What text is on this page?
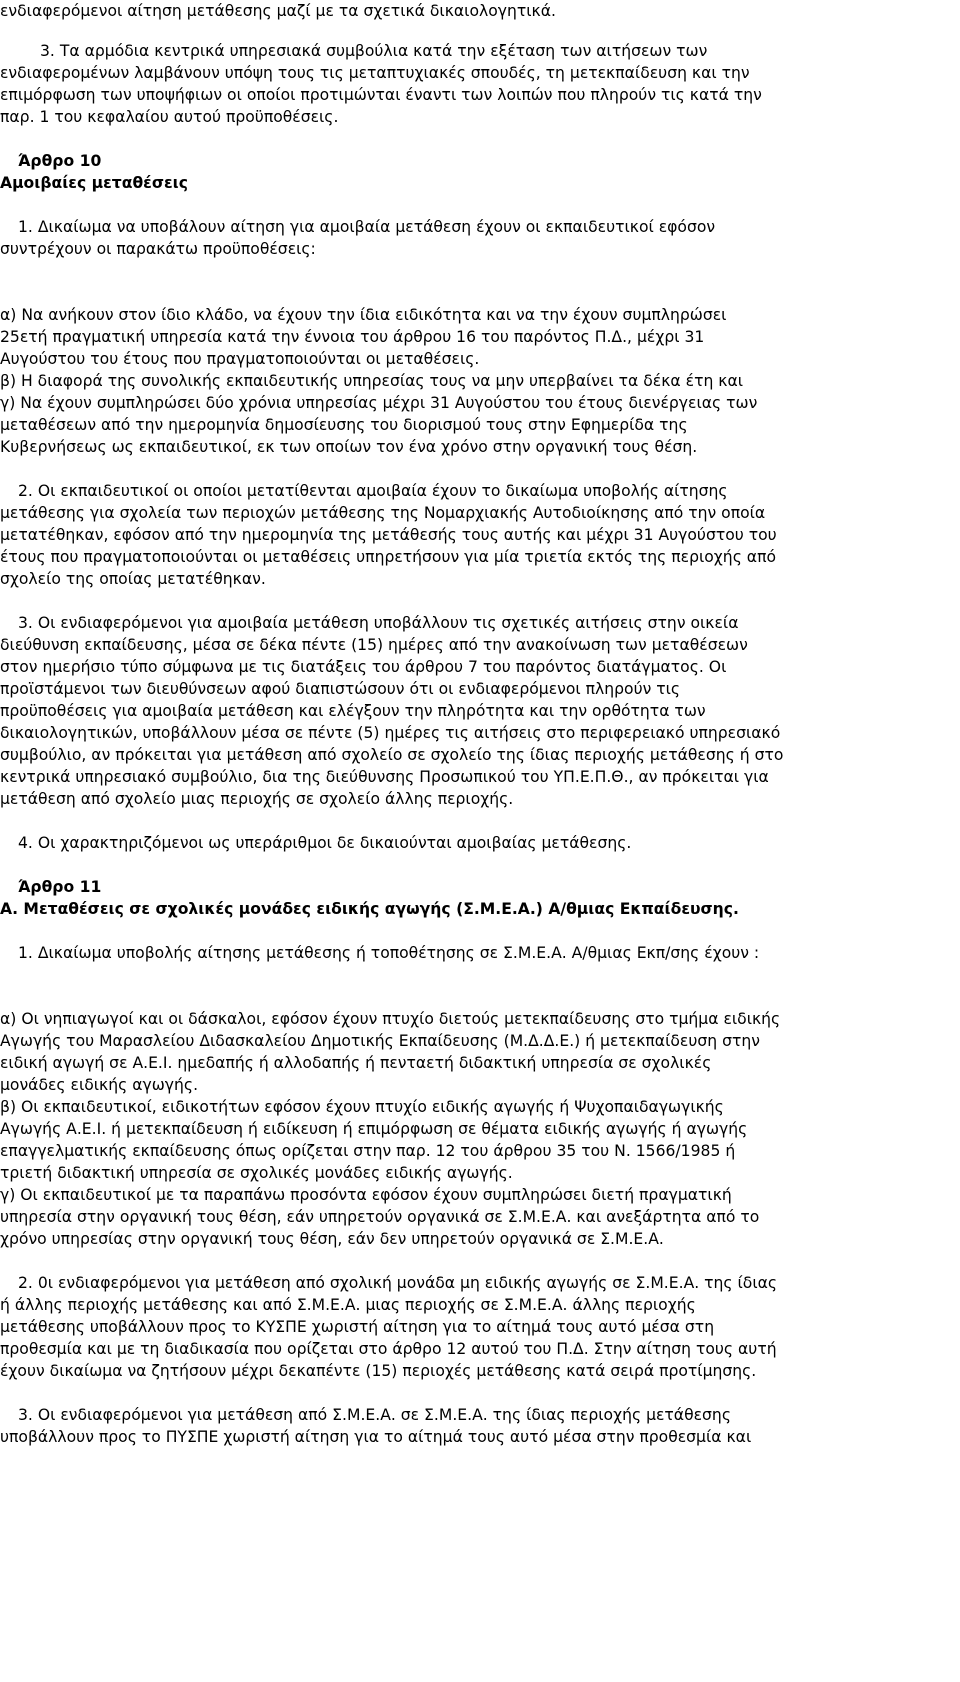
ενδιαφερόμενοι αίτηση μετάθεσης μαζί με τα σχετικά δικαιολογητικά.
3. Τα αρμόδια κεντρικά υπηρεσιακά συμβούλια κατά την εξέταση των αιτήσεων των
ενδιαφερομένων λαμβάνουν υπόψη τους τις μεταπτυχιακές σπουδές, τη μετεκπαίδευση και την
επιμόρφωση των υποψήφιων οι οποίοι προτιμώνται έναντι των λοιπών που πληρούν τις κατά την
παρ. 1 του κεφαλαίου αυτού προϋποθέσεις.
Άρθρο 10
Αμοιβαίες μεταθέσεις
1. Δικαίωμα να υποβάλουν αίτηση για αμοιβαία μετάθεση έχουν οι εκπαιδευτικοί εφόσον
συντρέχουν οι παρακάτω προϋποθέσεις:
α) Να ανήκουν στον ίδιο κλάδο, να έχουν την ίδια ειδικότητα και να την έχουν συμπληρώσει
25ετή πραγματική υπηρεσία κατά την έννοια του άρθρου 16 του παρόντος Π.Δ., μέχρι 31
Αυγούστου του έτους που πραγματοποιούνται οι μεταθέσεις.
β) Η διαφορά της συνολικής εκπαιδευτικής υπηρεσίας τους να μην υπερβαίνει τα δέκα έτη και
γ) Να έχουν συμπληρώσει δύο χρόνια υπηρεσίας μέχρι 31 Αυγούστου του έτους διενέργειας των
μεταθέσεων από την ημερομηνία δημοσίευσης του διορισμού τους στην Εφημερίδα της
Κυβερνήσεως ως εκπαιδευτικοί, εκ των οποίων τον ένα χρόνο στην οργανική τους θέση.
2. Οι εκπαιδευτικοί οι οποίοι μετατίθενται αμοιβαία έχουν το δικαίωμα υποβολής αίτησης
μετάθεσης για σχολεία των περιοχών μετάθεσης της Νομαρχιακής Αυτοδιοίκησης από την οποία
μετατέθηκαν, εφόσον από την ημερομηνία της μετάθεσής τους αυτής και μέχρι 31 Αυγούστου του
έτους που πραγματοποιούνται οι μεταθέσεις υπηρετήσουν για μία τριετία εκτός της περιοχής από
σχολείο της οποίας μετατέθηκαν.
3. Οι ενδιαφερόμενοι για αμοιβαία μετάθεση υποβάλλουν τις σχετικές αιτήσεις στην οικεία
διεύθυνση εκπαίδευσης, μέσα σε δέκα πέντε (15) ημέρες από την ανακοίνωση των μεταθέσεων
στον ημερήσιο τύπο σύμφωνα με τις διατάξεις του άρθρου 7 του παρόντος διατάγματος. Οι
προϊστάμενοι των διευθύνσεων αφού διαπιστώσουν ότι οι ενδιαφερόμενοι πληρούν τις
προϋποθέσεις για αμοιβαία μετάθεση και ελέγξουν την πληρότητα και την ορθότητα των
δικαιολογητικών, υποβάλλουν μέσα σε πέντε (5) ημέρες τις αιτήσεις στο περιφερειακό υπηρεσιακό
συμβούλιο, αν πρόκειται για μετάθεση από σχολείο σε σχολείο της ίδιας περιοχής μετάθεσης ή στο
κεντρικά υπηρεσιακό συμβούλιο, δια της διεύθυνσης Προσωπικού του ΥΠ.Ε.Π.Θ., αν πρόκειται για
μετάθεση από σχολείο μιας περιοχής σε σχολείο άλλης περιοχής.
4. Οι χαρακτηριζόμενοι ως υπεράριθμοι δε δικαιούνται αμοιβαίας μετάθεσης.
Άρθρο 11
Α. Μεταθέσεις σε σχολικές μονάδες ειδικής αγωγής (Σ.Μ.Ε.Α.) Α/θμιας Εκπαίδευσης.
1. Δικαίωμα υποβολής αίτησης μετάθεσης ή τοποθέτησης σε Σ.Μ.Ε.Α. Α/θμιας Εκπ/σης έχουν :
α) Οι νηπιαγωγοί και οι δάσκαλοι, εφόσον έχουν πτυχίο διετούς μετεκπαίδευσης στο τμήμα ειδικής
Αγωγής του Μαρασλείου Διδασκαλείου Δημοτικής Εκπαίδευσης (Μ.Δ.Δ.Ε.) ή μετεκπαίδευση στην
ειδική αγωγή σε Α.Ε.Ι. ημεδαπής ή αλλοδαπής ή πενταετή διδακτική υπηρεσία σε σχολικές
μονάδες ειδικής αγωγής.
β) Οι εκπαιδευτικοί, ειδικοτήτων εφόσον έχουν πτυχίο ειδικής αγωγής ή Ψυχοπαιδαγωγικής
Αγωγής Α.Ε.Ι. ή μετεκπαίδευση ή ειδίκευση ή επιμόρφωση σε θέματα ειδικής αγωγής ή αγωγής
επαγγελματικής εκπαίδευσης όπως ορίζεται στην παρ. 12 του άρθρου 35 του Ν. 1566/1985 ή
τριετή διδακτική υπηρεσία σε σχολικές μονάδες ειδικής αγωγής.
γ) Οι εκπαιδευτικοί με τα παραπάνω προσόντα εφόσον έχουν συμπληρώσει διετή πραγματική
υπηρεσία στην οργανική τους θέση, εάν υπηρετούν οργανικά σε Σ.Μ.Ε.Α. και ανεξάρτητα από το
χρόνο υπηρεσίας στην οργανική τους θέση, εάν δεν υπηρετούν οργανικά σε Σ.Μ.Ε.Α.
2. 0ι ενδιαφερόμενοι για μετάθεση από σχολική μονάδα μη ειδικής αγωγής σε Σ.Μ.Ε.Α. της ίδιας
ή άλλης περιοχής μετάθεσης και από Σ.Μ.Ε.Α. μιας περιοχής σε Σ.Μ.Ε.Α. άλλης περιοχής
μετάθεσης υποβάλλουν προς το ΚΥΣΠΕ χωριστή αίτηση για το αίτημά τους αυτό μέσα στη
προθεσμία και με τη διαδικασία που ορίζεται στο άρθρο 12 αυτού του Π.Δ. Στην αίτηση τους αυτή
έχουν δικαίωμα να ζητήσουν μέχρι δεκαπέντε (15) περιοχές μετάθεσης κατά σειρά προτίμησης.
3. Οι ενδιαφερόμενοι για μετάθεση από Σ.Μ.Ε.Α. σε Σ.Μ.Ε.Α. της ίδιας περιοχής μετάθεσης
υποβάλλουν προς το ΠΥΣΠΕ χωριστή αίτηση για το αίτημά τους αυτό μέσα στην προθεσμία και
